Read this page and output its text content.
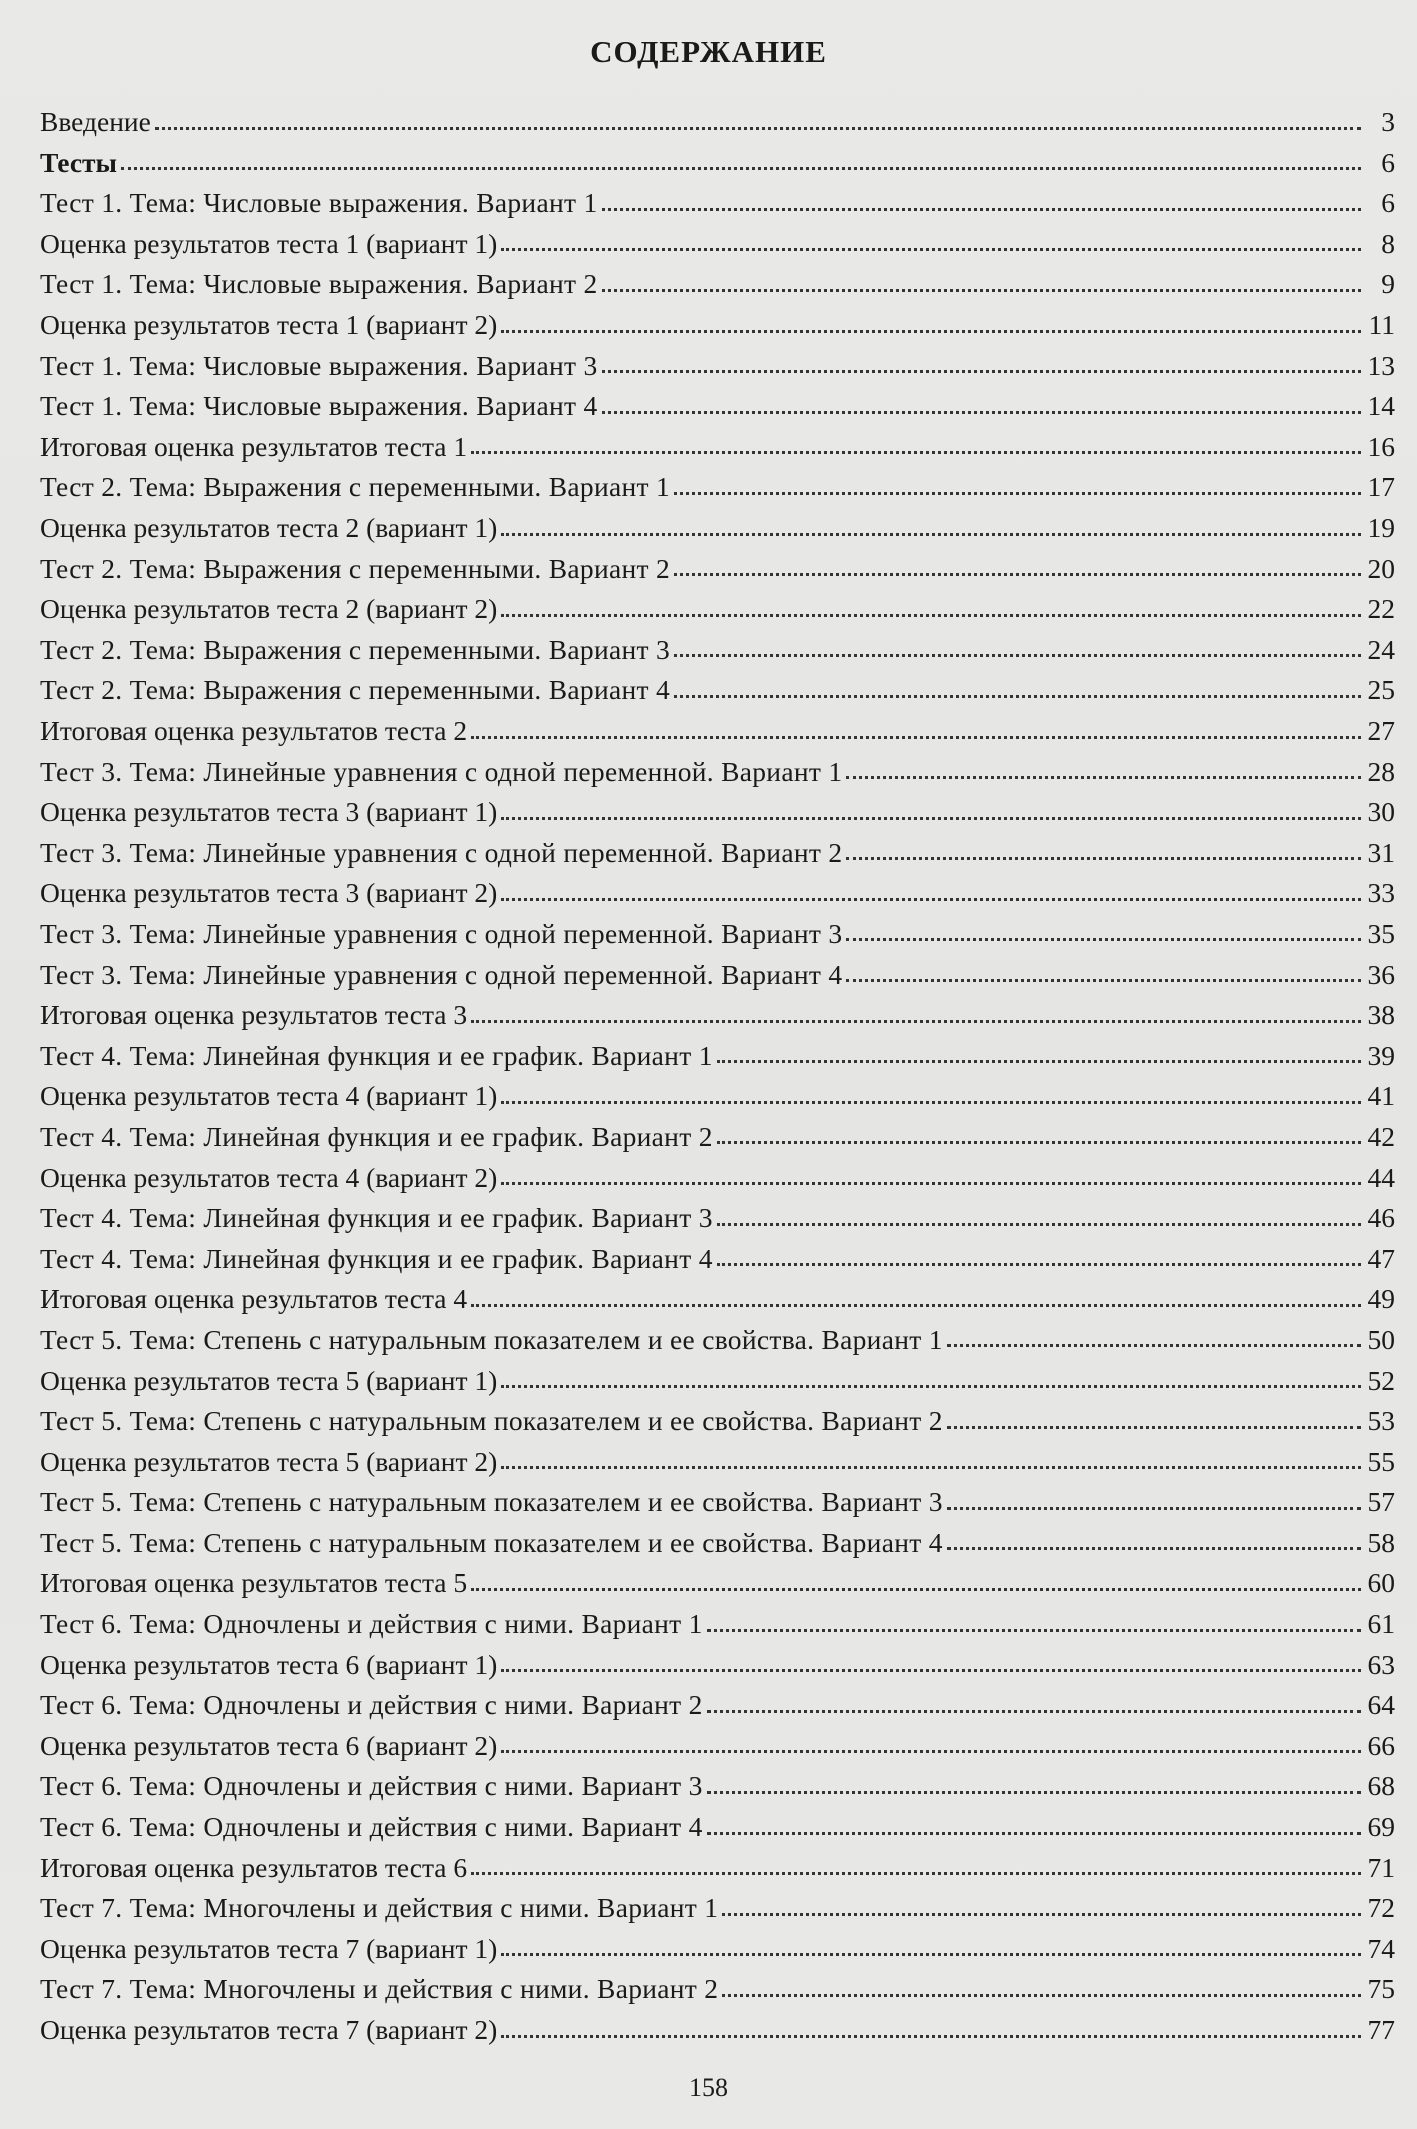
СОДЕРЖАНИЕ
Введение	3
Тесты	6
Тест 1. Тема: Числовые выражения. Вариант 1	6
Оценка результатов теста 1 (вариант 1)	8
Тест 1. Тема: Числовые выражения. Вариант 2	9
Оценка результатов теста 1 (вариант 2)	11
Тест 1. Тема: Числовые выражения. Вариант 3	13
Тест 1. Тема: Числовые выражения. Вариант 4	14
Итоговая оценка результатов теста 1	16
Тест 2. Тема: Выражения с переменными. Вариант 1	17
Оценка результатов теста 2 (вариант 1)	19
Тест 2. Тема: Выражения с переменными. Вариант 2	20
Оценка результатов теста 2 (вариант 2)	22
Тест 2. Тема: Выражения с переменными. Вариант 3	24
Тест 2. Тема: Выражения с переменными. Вариант 4	25
Итоговая оценка результатов теста 2	27
Тест 3. Тема: Линейные уравнения с одной переменной. Вариант 1	28
Оценка результатов теста 3 (вариант 1)	30
Тест 3. Тема: Линейные уравнения с одной переменной. Вариант 2	31
Оценка результатов теста 3 (вариант 2)	33
Тест 3. Тема: Линейные уравнения с одной переменной. Вариант 3	35
Тест 3. Тема: Линейные уравнения с одной переменной. Вариант 4	36
Итоговая оценка результатов теста 3	38
Тест 4. Тема: Линейная функция и ее график. Вариант 1	39
Оценка результатов теста 4 (вариант 1)	41
Тест 4. Тема: Линейная функция и ее график. Вариант 2	42
Оценка результатов теста 4 (вариант 2)	44
Тест 4. Тема: Линейная функция и ее график. Вариант 3	46
Тест 4. Тема: Линейная функция и ее график. Вариант 4	47
Итоговая оценка результатов теста 4	49
Тест 5. Тема: Степень с натуральным показателем и ее свойства. Вариант 1	50
Оценка результатов теста 5 (вариант 1)	52
Тест 5. Тема: Степень с натуральным показателем и ее свойства. Вариант 2	53
Оценка результатов теста 5 (вариант 2)	55
Тест 5. Тема: Степень с натуральным показателем и ее свойства. Вариант 3	57
Тест 5. Тема: Степень с натуральным показателем и ее свойства. Вариант 4	58
Итоговая оценка результатов теста 5	60
Тест 6. Тема: Одночлены и действия с ними. Вариант 1	61
Оценка результатов теста 6 (вариант 1)	63
Тест 6. Тема: Одночлены и действия с ними. Вариант 2	64
Оценка результатов теста 6 (вариант 2)	66
Тест 6. Тема: Одночлены и действия с ними. Вариант 3	68
Тест 6. Тема: Одночлены и действия с ними. Вариант 4	69
Итоговая оценка результатов теста 6	71
Тест 7. Тема: Многочлены и действия с ними. Вариант 1	72
Оценка результатов теста 7 (вариант 1)	74
Тест 7. Тема: Многочлены и действия с ними. Вариант 2	75
Оценка результатов теста 7 (вариант 2)	77
158
